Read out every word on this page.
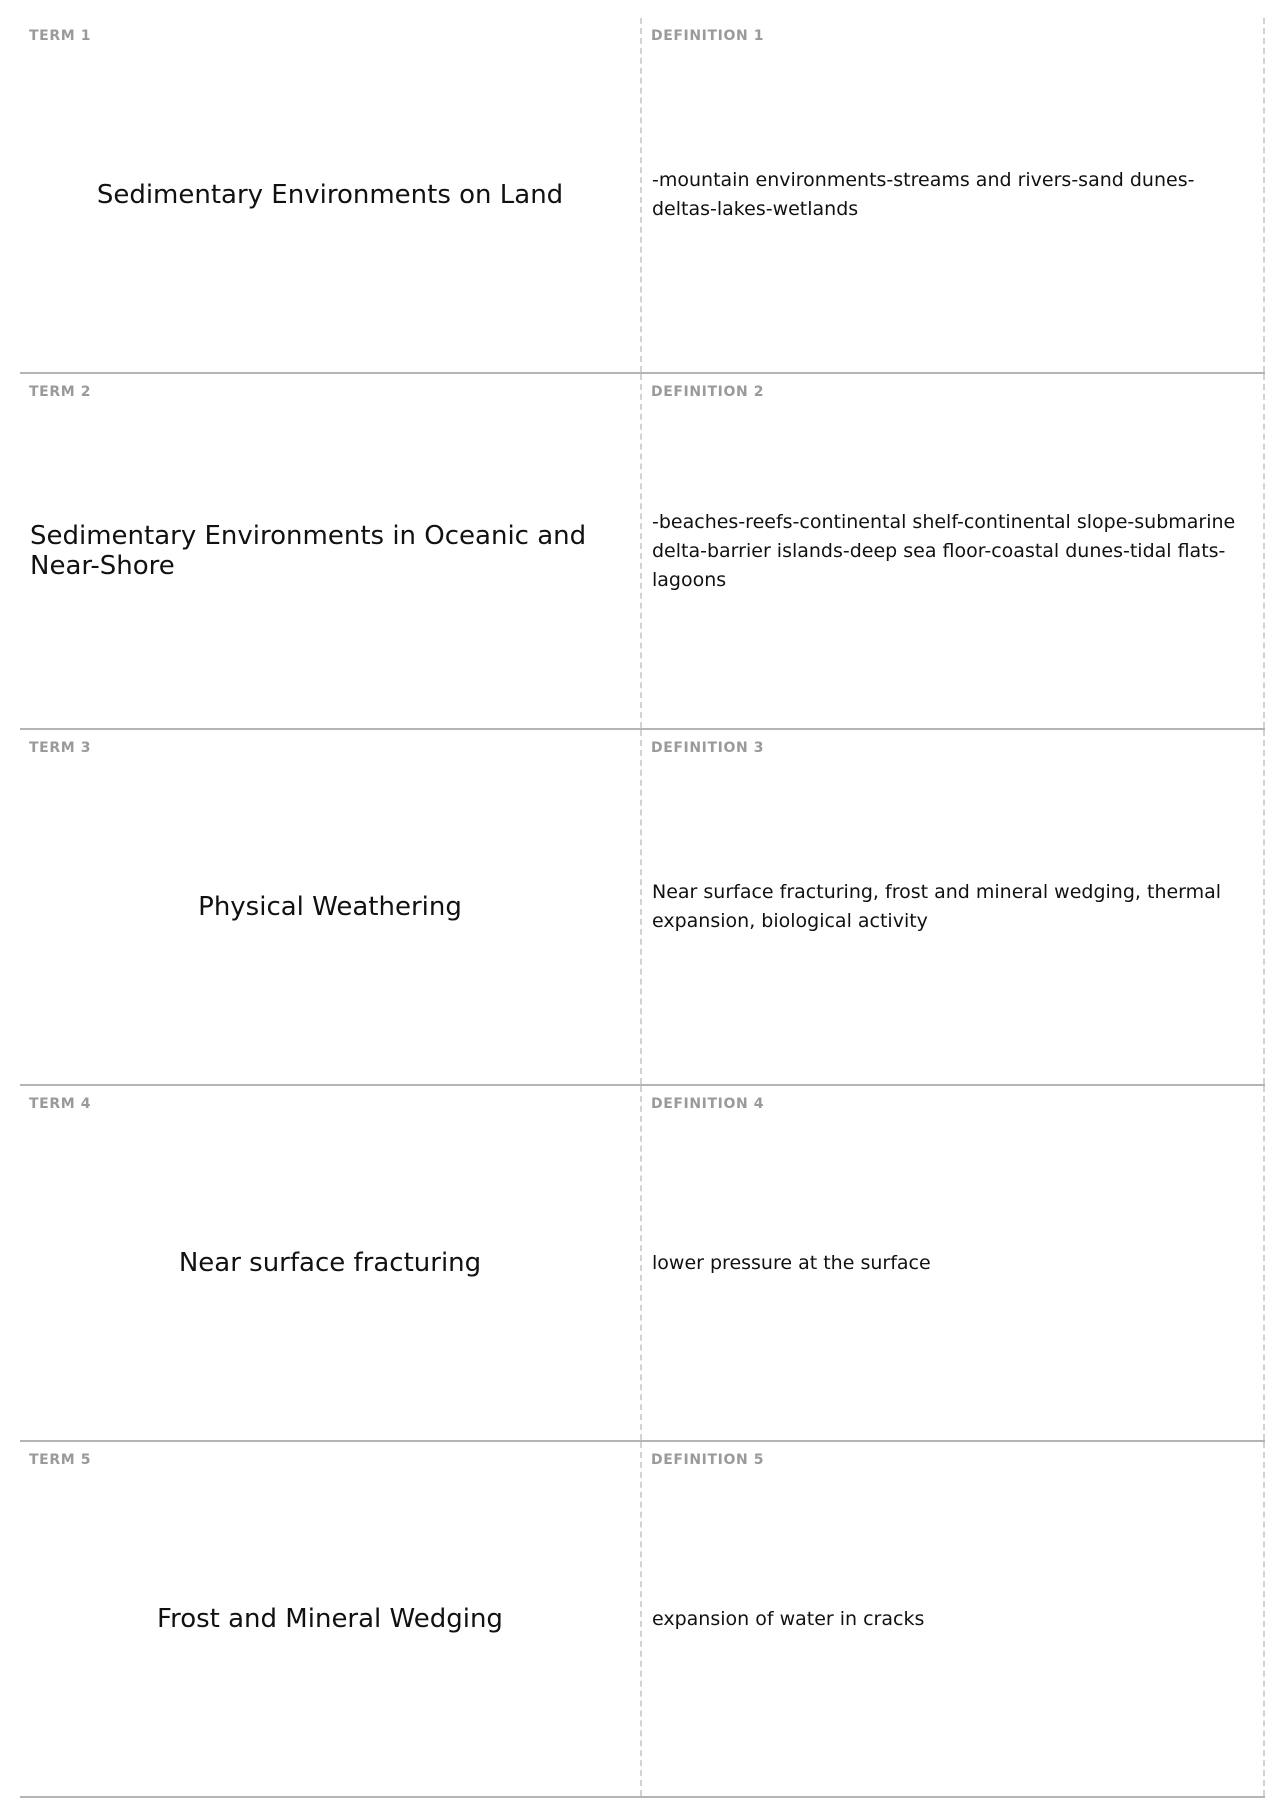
TERM 1
Sedimentary Environments on Land
DEFINITION 1
-mountain environments-streams and rivers-sand dunes-deltas-lakes-wetlands
TERM 2
Sedimentary Environments in Oceanic and Near-Shore
DEFINITION 2
-beaches-reefs-continental shelf-continental slope-submarine delta-barrier islands-deep sea floor-coastal dunes-tidal flats-lagoons
TERM 3
Physical Weathering
DEFINITION 3
Near surface fracturing, frost and mineral wedging, thermal expansion, biological activity
TERM 4
Near surface fracturing
DEFINITION 4
lower pressure at the surface
TERM 5
Frost and Mineral Wedging
DEFINITION 5
expansion of water in cracks
